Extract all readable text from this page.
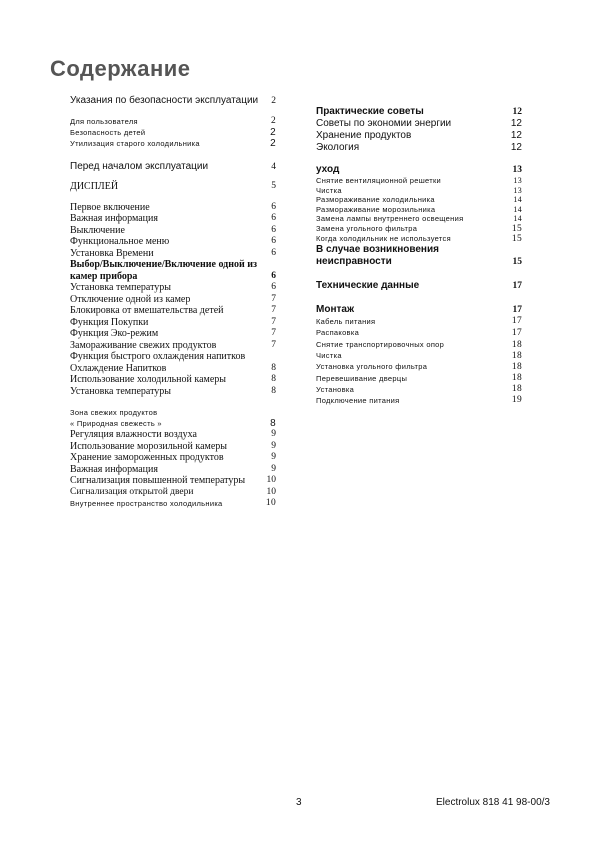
Содержание
Указания по безопасности эксплуатации	2
Для пользователя	2
Безопасность детей	2
Утилизация старого холодильника	2
Перед началом эксплуатации	4
ДИСПЛЕЙ	5
Первое включение	6
Важная информация	6
Выключение	6
Функциональное меню	6
Установка Времени	6
Выбор/Выключение/Включение одной из камер прибора	6
Установка температуры	6
Отключение одной из камер	7
Блокировка от вмешательства детей	7
Функция Покупки	7
Функция Эко-режим	7
Замораживание свежих продуктов	7
Функция быстрого охлаждения напитков Охлаждение Напитков	8
Использование холодильной камеры	8
Установка температуры	8
Зона свежих продуктов
« Природная свежесть »	8
Регуляция влажности воздуха	9
Использование морозильной камеры	9
Хранение замороженных продуктов	9
Важная информация	9
Сигнализация повышенной температуры	10
Сигнализация открытой двери	10
Внутреннее пространство холодильника	10
Практические советы	12
Советы по экономии энергии	12
Хранение продуктов	12
Экология	12
уход	13
Снятие вентиляционной решетки	13
Чистка	13
Размораживание холодильника	14
Размораживание морозильника	14
Замена лампы внутреннего освещения	14
Замена угольного фильтра	15
Когда холодильник не используется	15
В случае возникновения неисправности	15
Технические данные	17
Монтаж	17
Кабель питания	17
Распаковка	17
Снятие транспортировочных опор	18
Чистка	18
Установка угольного фильтра	18
Перевешивание дверцы	18
Установка	18
Подключение питания	19
3	Electrolux 818 41 98-00/3
